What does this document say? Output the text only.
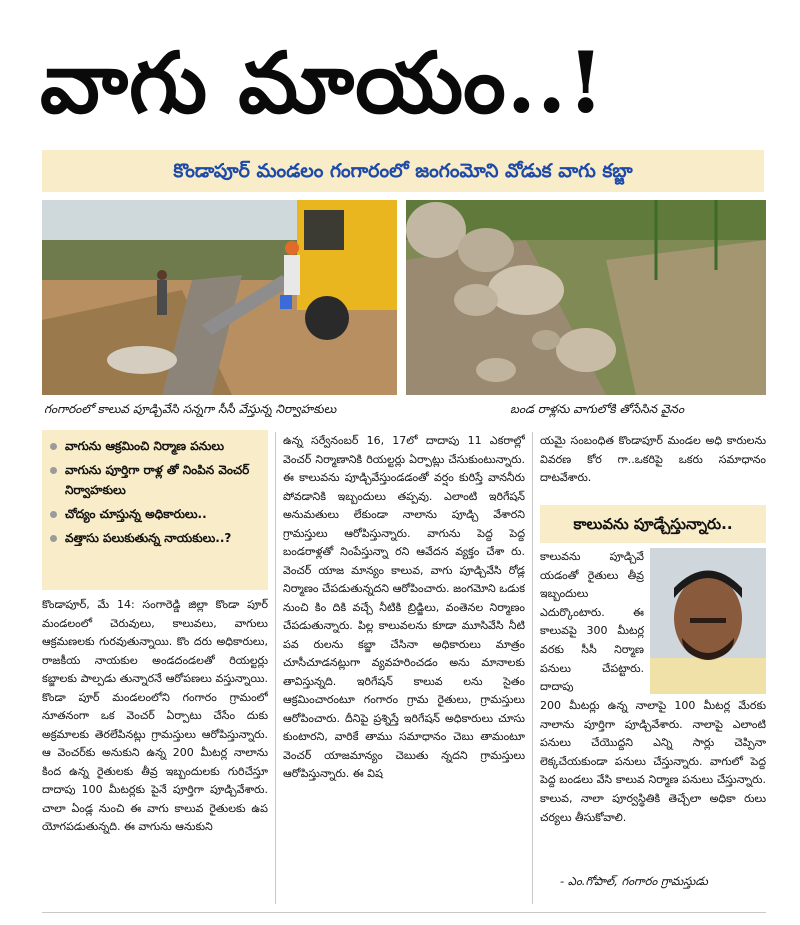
వాగు మాయం..!
కొండాపూర్‌ మండలం గంగారంలో జంగంమోని వోడుక వాగు కబ్జా
గంగారంలో కాలువ పూడ్చివేసి సన్నగా సీసీ వేస్తున్న నిర్వాహకులు	బండ రాళ్లను వాగులోకి తోసేసిన వైనం
వాగును ఆక్రమించి నిర్మాణ పనులు
వాగును పూర్తిగా రాళ్ల తో నింపిన వెంచర్‌ నిర్వాహకులు
చోద్యం చూస్తున్న అధికారులు..
వత్తాసు పలుకుతున్న నాయకులు..?

కొండాపూర్‌, మే 14: సంగారెడ్డి జిల్లా కొండా పూర్‌ మండలంలో చెరువులు, కాలువలు, వాగులు ఆక్రమణలకు గురవుతున్నాయి. కొం దరు అధికారులు, రాజకీయ నాయకుల అండదండలతో రియల్టర్లు కబ్జాలకు పాల్పడు తున్నారనే ఆరోపణలు వస్తున్నాయి. కొండా పూర్‌ మండలంలోని గంగారం గ్రామంలో నూతనంగా ఒక వెంచర్‌ ఏర్పాటు చేసేం దుకు అక్రమాలకు తెరలేపినట్లు గ్రామస్తులు ఆరోపిస్తున్నారు. ఆ వెంచర్‌కు అనుకుని ఉన్న 200 మీటర్ల నాలాను కింద ఉన్న రైతులకు తీవ్ర ఇబ్బందులకు గురిచేస్తూ దాదాపు 100 మీటర్లకు పైనే పూర్తిగా పూడ్చివేశారు. చాలా ఏండ్ల నుంచి ఈ వాగు కాలువ రైతులకు ఉప యోగపడుతున్నది. ఈ వాగును ఆనుకుని

ఉన్న సర్వేనంబర్‌ 16, 17లో దాదాపు 11 ఎకరాల్లో వెంచర్‌ నిర్మాణానికి రియల్టర్లు ఏర్పాట్లు చేసుకుంటున్నారు. ఈ కాలువను పూడ్చివేస్తుండడంతో వర్షం కురిస్తే వాననీరు పోవడానికి ఇబ్బందులు తప్పవు. ఎలాంటి ఇరిగేషన్‌ అనుమతులు లేకుండా నాలాను పూడ్చి వేశారని గ్రామస్తులు ఆరోపిస్తున్నారు. వాగును పెద్ద పెద్ద బండరాళ్లతో నింపేస్తున్నా రని ఆవేదన వ్యక్తం చేశా రు. వెంచర్‌ యాజ మాన్యం కాలువ, వాగు పూడ్చివేసి రోడ్ల నిర్మాణం చేపడుతున్నదని ఆరోపించారు. జంగమోని ఒడుక నుంచి కిం దికి వచ్చే నీటికి బ్రిడ్జిలు, వంతెనల నిర్మాణం చేపడుతున్నారు. పిల్ల కాలువలను కూడా మూసివేసి నీటి పవ రులను కబ్జా చేసినా అధికారులు మాత్రం చూసీచూడనట్లుగా వ్యవహరించడం అను మానాలకు తావిస్తున్నది. ఇరిగేషన్‌ కాలువ లను సైతం ఆక్రమించారంటూ గంగారం గ్రామ రైతులు, గ్రామస్తులు ఆరోపించారు. దీనిపై ప్రశ్నిస్తే ఇరిగేషన్‌ అధికారులు చూసు కుంటారని, వారికే తాము సమాధానం చెబు తామంటూ వెంచర్‌ యాజమాన్యం చెబుతు న్నదని గ్రామస్తులు ఆరోపిస్తున్నారు. ఈ విష

యమై సంబంధిత కొండాపూర్‌ మండల అధి కారులను వివరణ కోర గా..ఒకరిపై ఒకరు సమాధానం దాటవేశారు.

కాలువను పూడ్చేస్తున్నారు..
కాలువను పూడ్చివే యడంతో రైతులు తీవ్ర ఇబ్బందులు ఎదుర్కొంటారు. ఈ కాలువపై 300 మీటర్ల వరకు సీసీ నిర్మాణ పనులు చేపట్టారు. దాదాపు
200 మీటర్లు ఉన్న నాలాపై 100 మీటర్ల మేరకు నాలాను పూర్తిగా పూడ్చివేశారు. నాలాపై ఎలాంటి పనులు చేయొద్దని ఎన్ని సార్లు చెప్పినా లెక్కచేయకుండా పనులు చేస్తున్నారు. వాగులో పెద్ద పెద్ద బండలు వేసి కాలువ నిర్మాణ పనులు చేస్తున్నారు. కాలువ, నాలా పూర్వస్థితికి తెచ్చేలా అధికా రులు చర్యలు తీసుకోవాలి.
- ఎం.గోపాల్‌, గంగారం గ్రామస్తుడు
